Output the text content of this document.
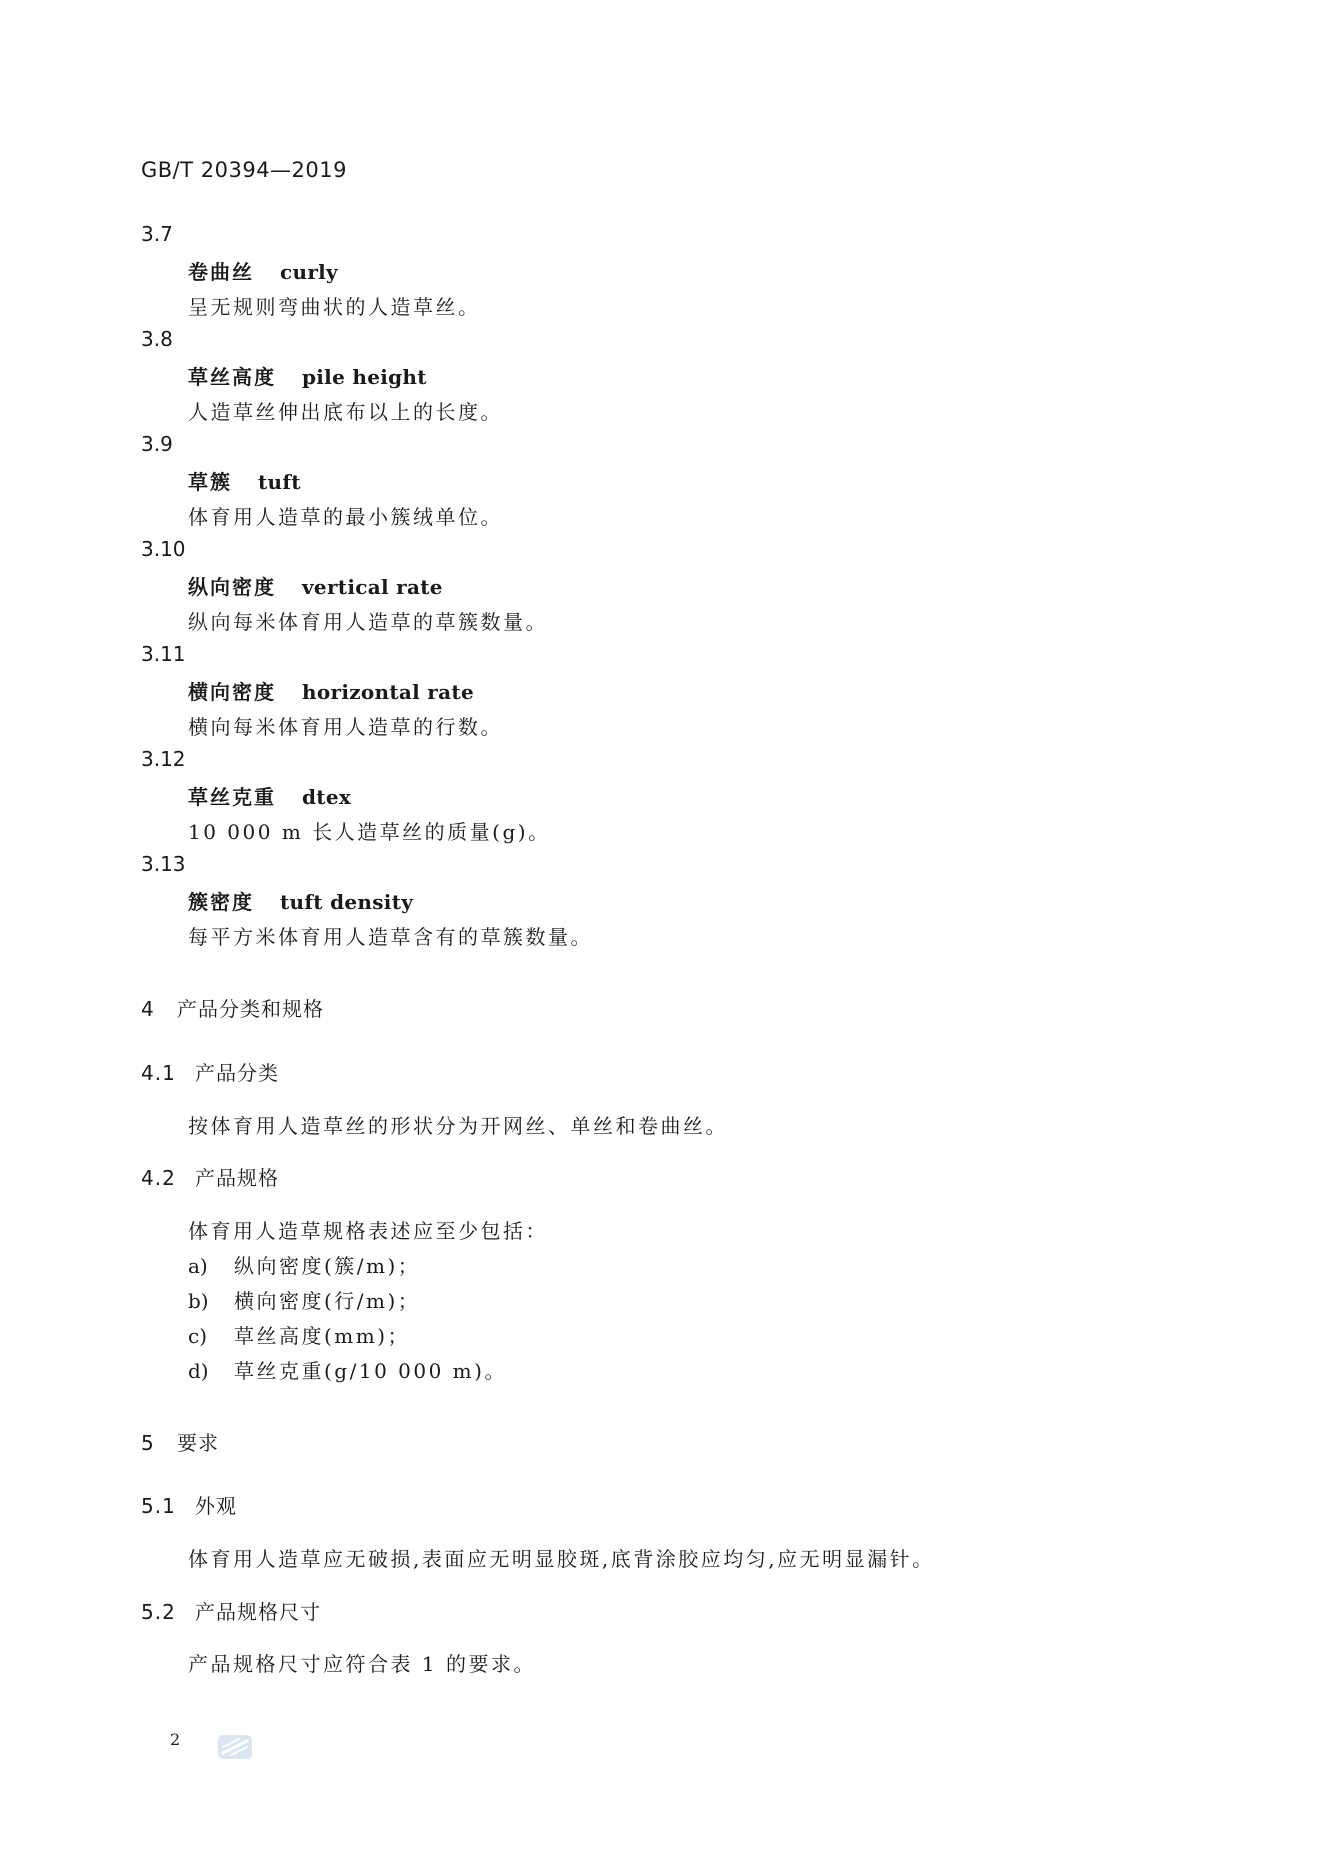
GB/T 20394—2019
3.7
卷曲丝 curly
呈无规则弯曲状的人造草丝。
3.8
草丝高度 pile height
人造草丝伸出底布以上的长度。
3.9
草簇 tuft
体育用人造草的最小簇绒单位。
3.10
纵向密度 vertical rate
纵向每米体育用人造草的草簇数量。
3.11
横向密度 horizontal rate
横向每米体育用人造草的行数。
3.12
草丝克重 dtex
10 000 m 长人造草丝的质量(g)。
3.13
簇密度 tuft density
每平方米体育用人造草含有的草簇数量。
4 产品分类和规格
4.1 产品分类
按体育用人造草丝的形状分为开网丝、单丝和卷曲丝。
4.2 产品规格
体育用人造草规格表述应至少包括：
a) 纵向密度(簇/m)；
b) 横向密度(行/m)；
c) 草丝高度(mm)；
d) 草丝克重(g/10 000 m)。
5 要求
5.1 外观
体育用人造草应无破损,表面应无明显胶斑,底背涂胶应均匀,应无明显漏针。
5.2 产品规格尺寸
产品规格尺寸应符合表 1 的要求。
2
